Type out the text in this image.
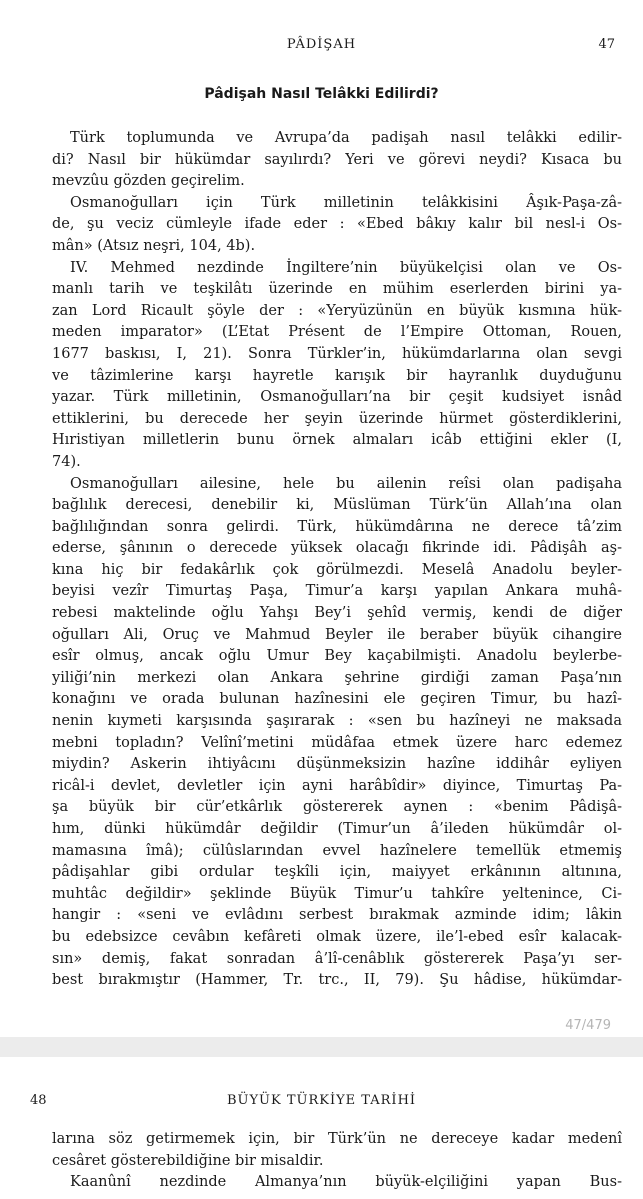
PÂDİŞAH	47
Pâdişah Nasıl Telâkki Edilirdi?
Türk toplumunda ve Avrupa’da padişah nasıl telâkki edilir-
di? Nasıl bir hükümdar sayılırdı? Yeri ve görevi neydi? Kısaca bu
mevzûu gözden geçirelim.
Osmanoğulları için Türk milletinin telâkkisini Âşık-Paşa-zâ-
de, şu veciz cümleyle ifade eder : «Ebed bâkıy kalır bil nesl-i Os-
mân» (Atsız neşri, 104, 4b).
IV. Mehmed nezdinde İngiltere’nin büyükelçisi olan ve Os-
manlı tarih ve teşkilâtı üzerinde en mühim eserlerden birini ya-
zan Lord Ricault şöyle der : «Yeryüzünün en büyük kısmına hük-
meden imparator» (L’Etat Présent de l’Empire Ottoman, Rouen,
1677 baskısı, I, 21). Sonra Türkler’in, hükümdarlarına olan sevgi
ve tâzimlerine karşı hayretle karışık bir hayranlık duyduğunu
yazar. Türk milletinin, Osmanoğulları’na bir çeşit kudsiyet isnâd
ettiklerini, bu derecede her şeyin üzerinde hürmet gösterdiklerini,
Hıristiyan milletlerin bunu örnek almaları icâb ettiğini ekler (I,
74).
Osmanoğulları ailesine, hele bu ailenin reîsi olan padişaha
bağlılık derecesi, denebilir ki, Müslüman Türk’ün Allah’ına olan
bağlılığından sonra gelirdi. Türk, hükümdârına ne derece tâ’zim
ederse, şânının o derecede yüksek olacağı fikrinde idi. Pâdişâh aş-
kına hiç bir fedakârlık çok görülmezdi. Meselâ Anadolu beyler-
beyisi vezîr Timurtaş Paşa, Timur’a karşı yapılan Ankara muhâ-
rebesi maktelinde oğlu Yahşı Bey’i şehîd vermiş, kendi de diğer
oğulları Ali, Oruç ve Mahmud Beyler ile beraber büyük cihangire
esîr olmuş, ancak oğlu Umur Bey kaçabilmişti. Anadolu beylerbe-
yiliği’nin merkezi olan Ankara şehrine girdiği zaman Paşa’nın
konağını ve orada bulunan hazînesini ele geçiren Timur, bu hazî-
nenin kıymeti karşısında şaşırarak : «sen bu hazîneyi ne maksada
mebni topladın? Velînî’metini müdâfaa etmek üzere harc edemez
miydin? Askerin ihtiyâcını düşünmeksizin hazîne iddihâr eyliyen
ricâl-i devlet, devletler için ayni harâbîdir» diyince, Timurtaş Pa-
şa büyük bir cür’etkârlık göstererek aynen : «benim Pâdişâ-
hım, dünki hükümdâr değildir (Timur’un â’ileden hükümdâr ol-
mamasına îmâ); cülûslarından evvel hazînelere temellük etmemiş
pâdişahlar gibi ordular teşkîli için, maiyyet erkânının altınına,
muhtâc değildir» şeklinde Büyük Timur’u tahkîre yeltenince, Ci-
hangir : «seni ve evlâdını serbest bırakmak azminde idim; lâkin
bu edebsizce cevâbın kefâreti olmak üzere, ile’l-ebed esîr kalacak-
sın» demiş, fakat sonradan â’lî-cenâblık göstererek Paşa’yı ser-
best bırakmıştır (Hammer, Tr. trc., II, 79). Şu hâdise, hükümdar-
47/479
48	BÜYÜK TÜRKİYE TARİHİ
larına söz getirmemek için, bir Türk’ün ne dereceye kadar medenî
cesâret gösterebildiğine bir misaldir.
Kaanûnî nezdinde Almanya’nın büyük-elçiliğini yapan Bus-
